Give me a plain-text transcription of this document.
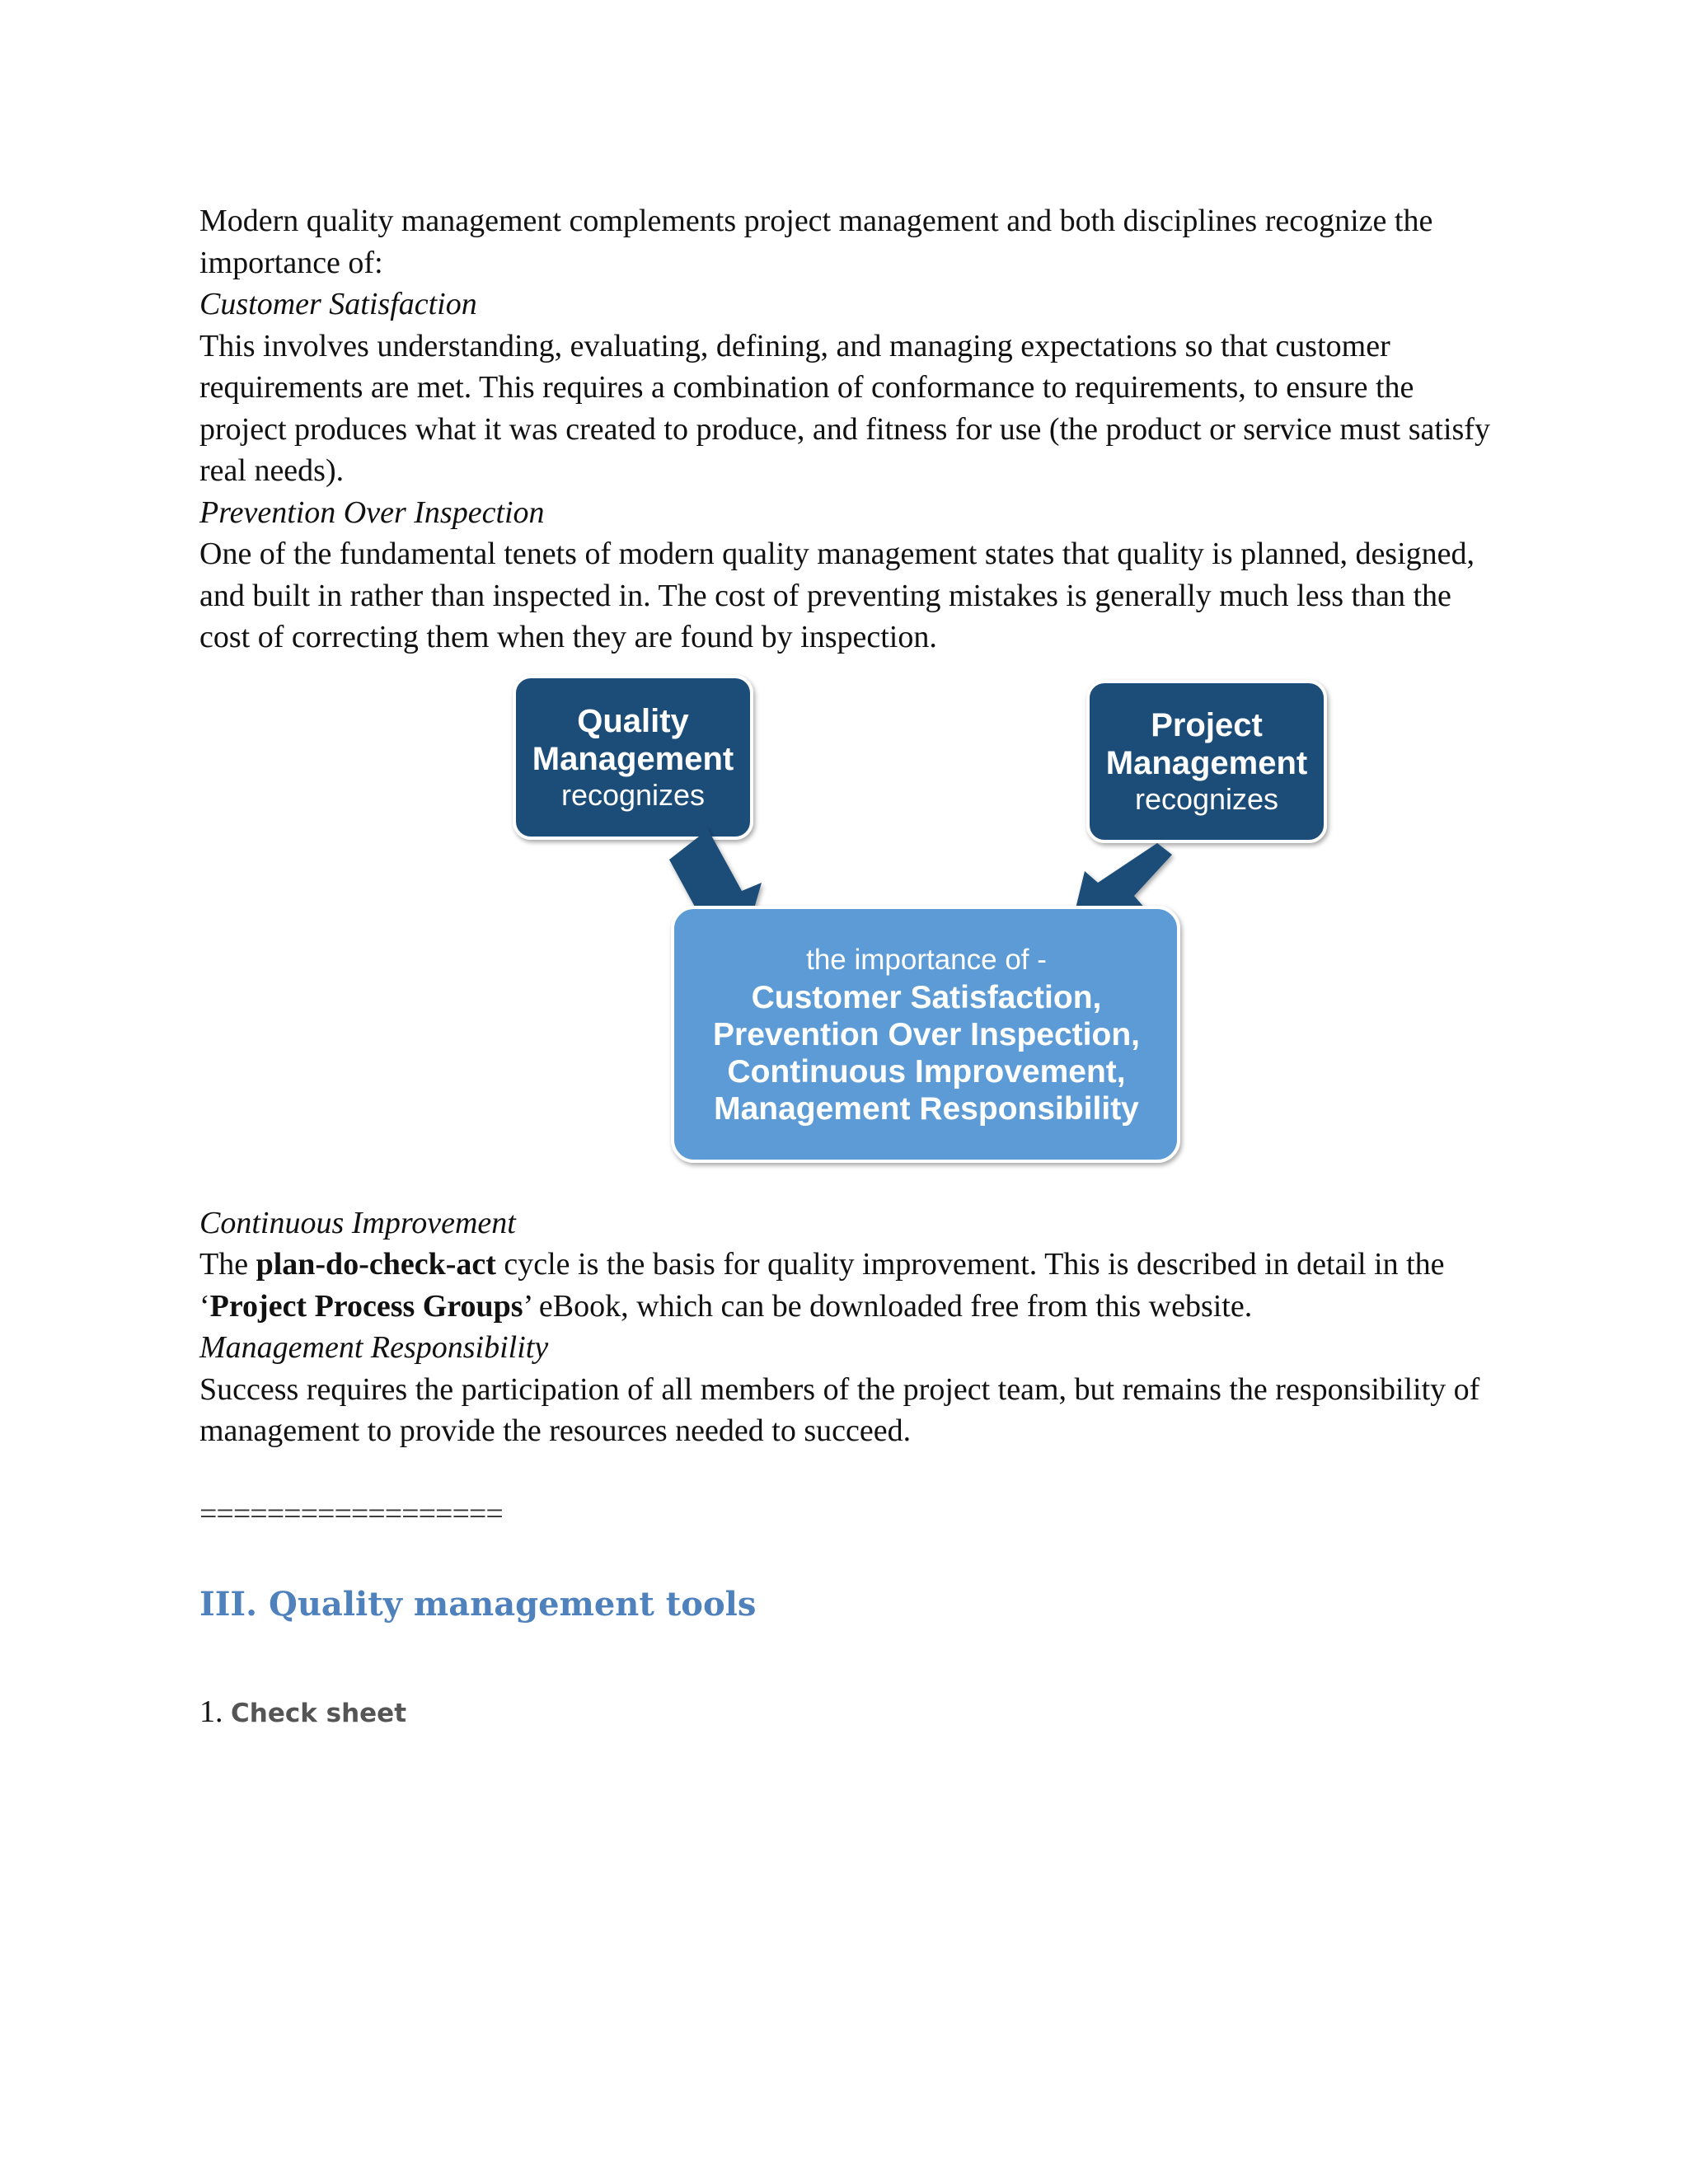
Modern quality management complements project management and both disciplines recognize the importance of:

Customer Satisfaction

This involves understanding, evaluating, defining, and managing expectations so that customer requirements are met. This requires a combination of conformance to requirements, to ensure the project produces what it was created to produce, and fitness for use (the product or service must satisfy real needs).

Prevention Over Inspection

One of the fundamental tenets of modern quality management states that quality is planned, designed, and built in rather than inspected in. The cost of preventing mistakes is generally much less than the cost of correcting them when they are found by inspection.

Quality
Management
recognizes
Project
Management
recognizes
the importance of -
Customer Satisfaction,
Prevention Over Inspection,
Continuous Improvement,
Management Responsibility

Continuous Improvement

The plan-do-check-act cycle is the basis for quality improvement. This is described in detail in the ‘Project Process Groups’ eBook, which can be downloaded free from this website.

Management Responsibility

Success requires the participation of all members of the project team, but remains the responsibility of management to provide the resources needed to succeed.

==================

III. Quality management tools

1. Check sheet
